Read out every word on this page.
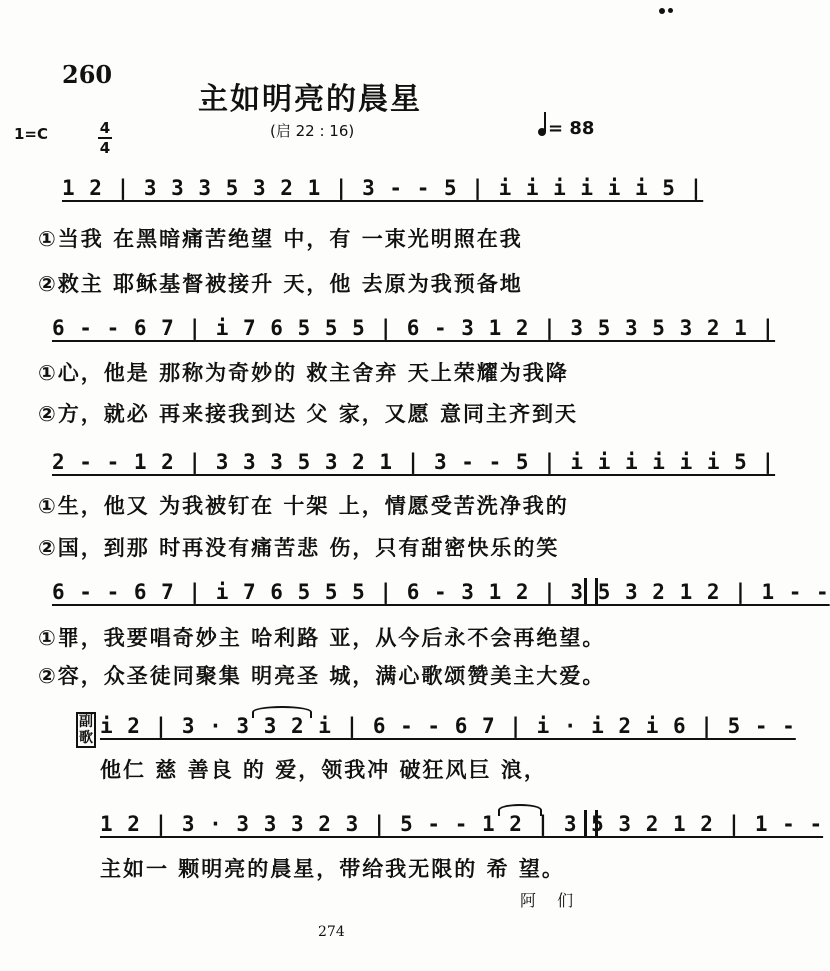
260
主如明亮的晨星
(启 22 : 16)
1=C	4
4
= 88
1 2 | 3 3 3 5 3 2 1 | 3 - - 5 | i i i i i i 5 |
①当我 在黑暗痛苦绝望 中，有 一束光明照在我
②救主 耶稣基督被接升 天，他 去原为我预备地
6 - - 6 7 | i 7 6 5 5 5 | 6 - 3 1 2 | 3 5 3 5 3 2 1 |
①心，他是 那称为奇妙的 救主舍弃 天上荣耀为我降
②方，就必 再来接我到达 父 家，又愿 意同主齐到天
2 - - 1 2 | 3 3 3 5 3 2 1 | 3 - - 5 | i i i i i i 5 |
①生，他又 为我被钉在 十架 上，情愿受苦洗净我的
②国，到那 时再没有痛苦悲 伤，只有甜密快乐的笑
6 - - 6 7 | i 7 6 5 5 5 | 6 - 3 1 2 | 3 5 3 2 1 2 | 1 - -
①罪，我要唱奇妙主 哈利路 亚，从今后永不会再绝望。
②容，众圣徒同聚集 明亮圣 城，满心歌颂赞美主大爱。
副歌 i 2 | 3 · 3 3 2 i | 6 - - 6 7 | i · i 2 i 6 | 5 - -
他仁 慈 善良 的 爱，领我冲 破狂风巨 浪，
1 2 | 3 · 3 3 3 2 3 | 5 - - 1 2 | 3 5 3 2 1 2 | 1 - -
主如一 颗明亮的晨星，带给我无限的 希 望。
阿 们
274
